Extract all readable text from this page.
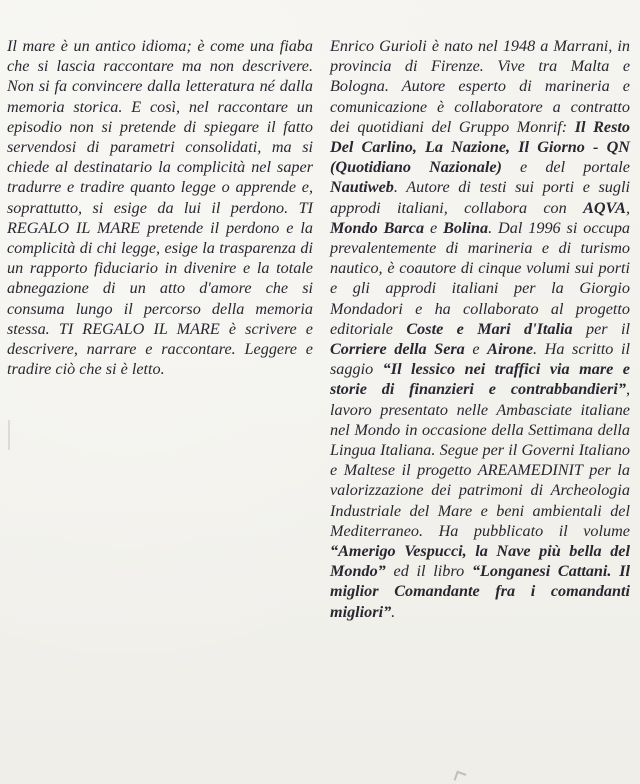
Il mare è un antico idioma; è come una fiaba che si lascia raccontare ma non descrivere. Non si fa convincere dalla letteratura né dalla memoria storica. E così, nel raccontare un episodio non si pretende di spiegare il fatto servendosi di parametri consolidati, ma si chiede al destinatario la complicità nel saper tradurre e tradire quanto legge o apprende e, soprattutto, si esige da lui il perdono. TI REGALO IL MARE pretende il perdono e la complicità di chi legge, esige la trasparenza di un rapporto fiduciario in divenire e la totale abnegazione di un atto d'amore che si consuma lungo il percorso della memoria stessa. TI REGALO IL MARE è scrivere e descrivere, narrare e raccontare. Leggere e tradire ciò che si è letto.

Enrico Gurioli è nato nel 1948 a Marrani, in provincia di Firenze. Vive tra Malta e Bologna. Autore esperto di marineria e comunicazione è collaboratore a contratto dei quotidiani del Gruppo Monrif: Il Resto Del Carlino, La Nazione, Il Giorno - QN (Quotidiano Nazionale) e del portale Nautiweb. Autore di testi sui porti e sugli approdi italiani, collabora con AQVA, Mondo Barca e Bolina. Dal 1996 si occupa prevalentemente di marineria e di turismo nautico, è coautore di cinque volumi sui porti e gli approdi italiani per la Giorgio Mondadori e ha collaborato al progetto editoriale Coste e Mari d'Italia per il Corriere della Sera e Airone. Ha scritto il saggio “Il lessico nei traffici via mare e storie di finanzieri e contrabbandieri”, lavoro presentato nelle Ambasciate italiane nel Mondo in occasione della Settimana della Lingua Italiana. Segue per il Governi Italiano e Maltese il progetto AREAMEDINIT per la valorizzazione dei patrimoni di Archeologia Industriale del Mare e beni ambientali del Mediterraneo. Ha pubblicato il volume “Amerigo Vespucci, la Nave più bella del Mondo” ed il libro “Longanesi Cattani. Il miglior Comandante fra i comandanti migliori”.
